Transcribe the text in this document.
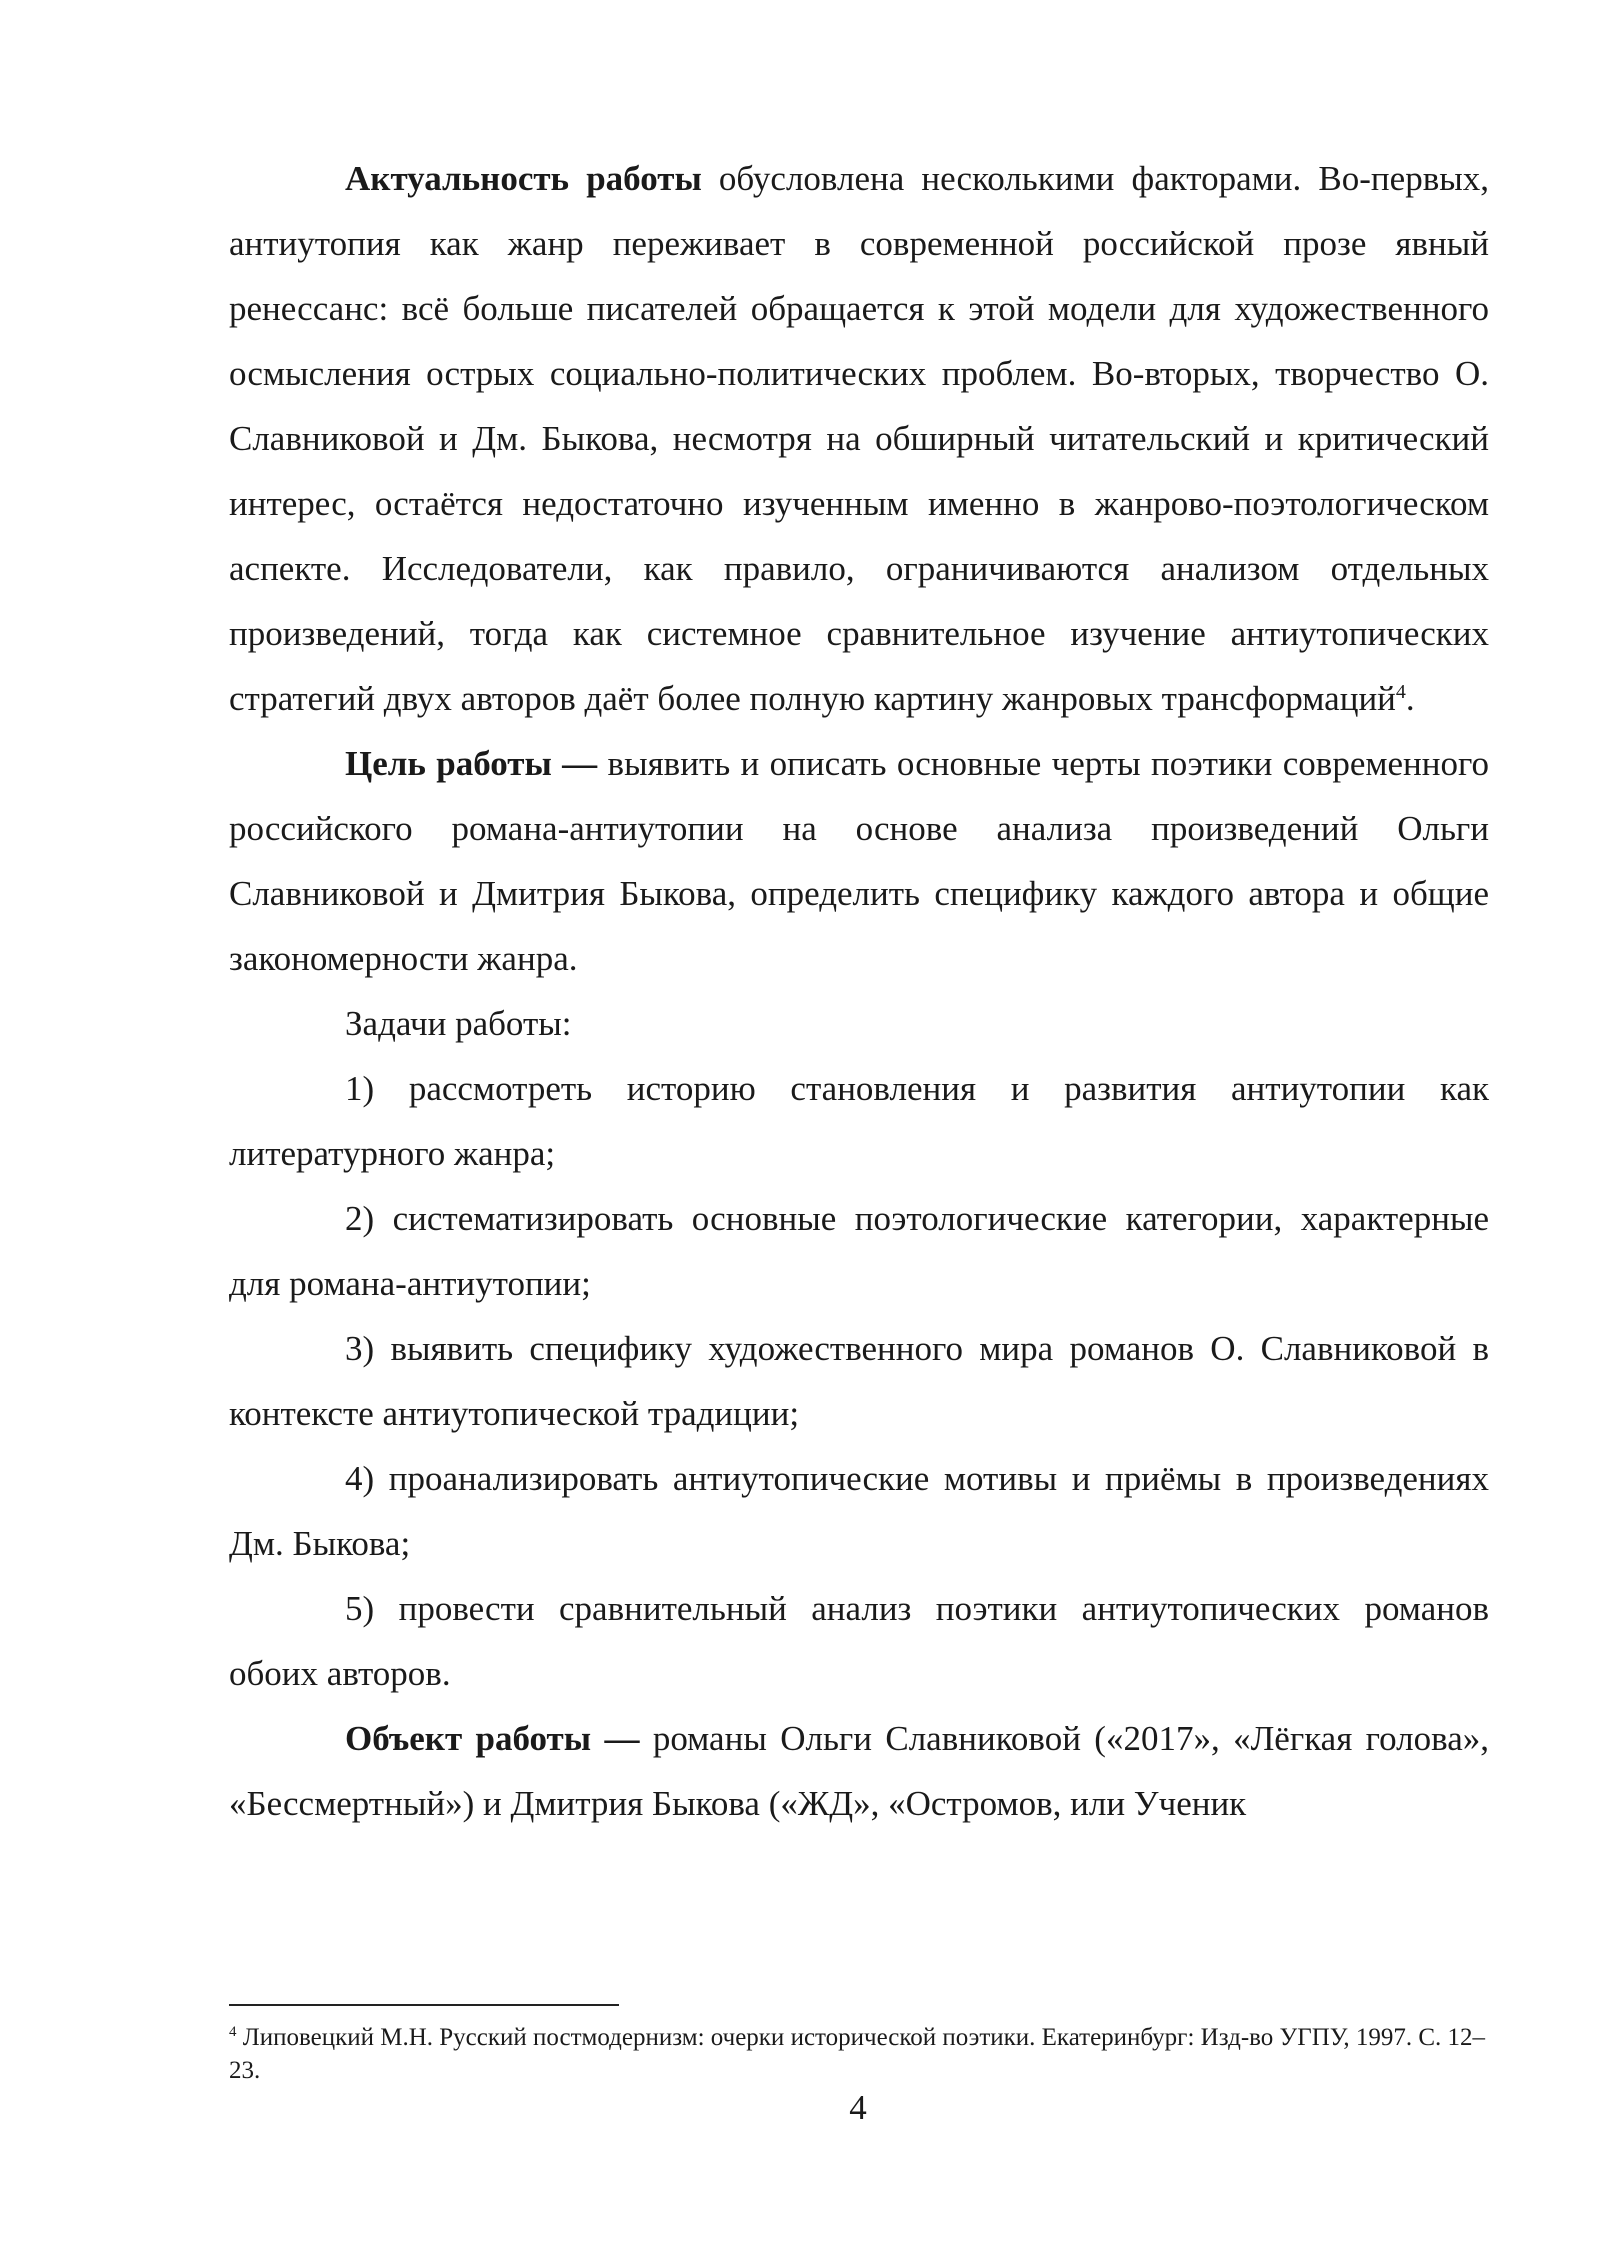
Актуальность работы обусловлена несколькими факторами. Во-первых, антиутопия как жанр переживает в современной российской прозе явный ренессанс: всё больше писателей обращается к этой модели для художественного осмысления острых социально-политических проблем. Во-вторых, творчество О. Славниковой и Дм. Быкова, несмотря на обширный читательский и критический интерес, остаётся недостаточно изученным именно в жанрово-поэтологическом аспекте. Исследователи, как правило, ограничиваются анализом отдельных произведений, тогда как системное сравнительное изучение антиутопических стратегий двух авторов даёт более полную картину жанровых трансформаций$^4$.

Цель работы — выявить и описать основные черты поэтики современного российского романа-антиутопии на основе анализа произведений Ольги Славниковой и Дмитрия Быкова, определить специфику каждого автора и общие закономерности жанра.

Задачи работы:

1) рассмотреть историю становления и развития антиутопии как литературного жанра;

2) систематизировать основные поэтологические категории, характерные для романа-антиутопии;

3) выявить специфику художественного мира романов О. Славниковой в контексте антиутопической традиции;

4) проанализировать антиутопические мотивы и приёмы в произведениях Дм. Быкова;

5) провести сравнительный анализ поэтики антиутопических романов обоих авторов.

Объект работы — романы Ольги Славниковой («2017», «Лёгкая голова», «Бессмертный») и Дмитрия Быкова («ЖД», «Остромов, или Ученик

$^4$ Липовецкий М.Н. Русский постмодернизм: очерки исторической поэтики. Екатеринбург: Изд-во УГПУ, 1997. С. 12–23.

4
